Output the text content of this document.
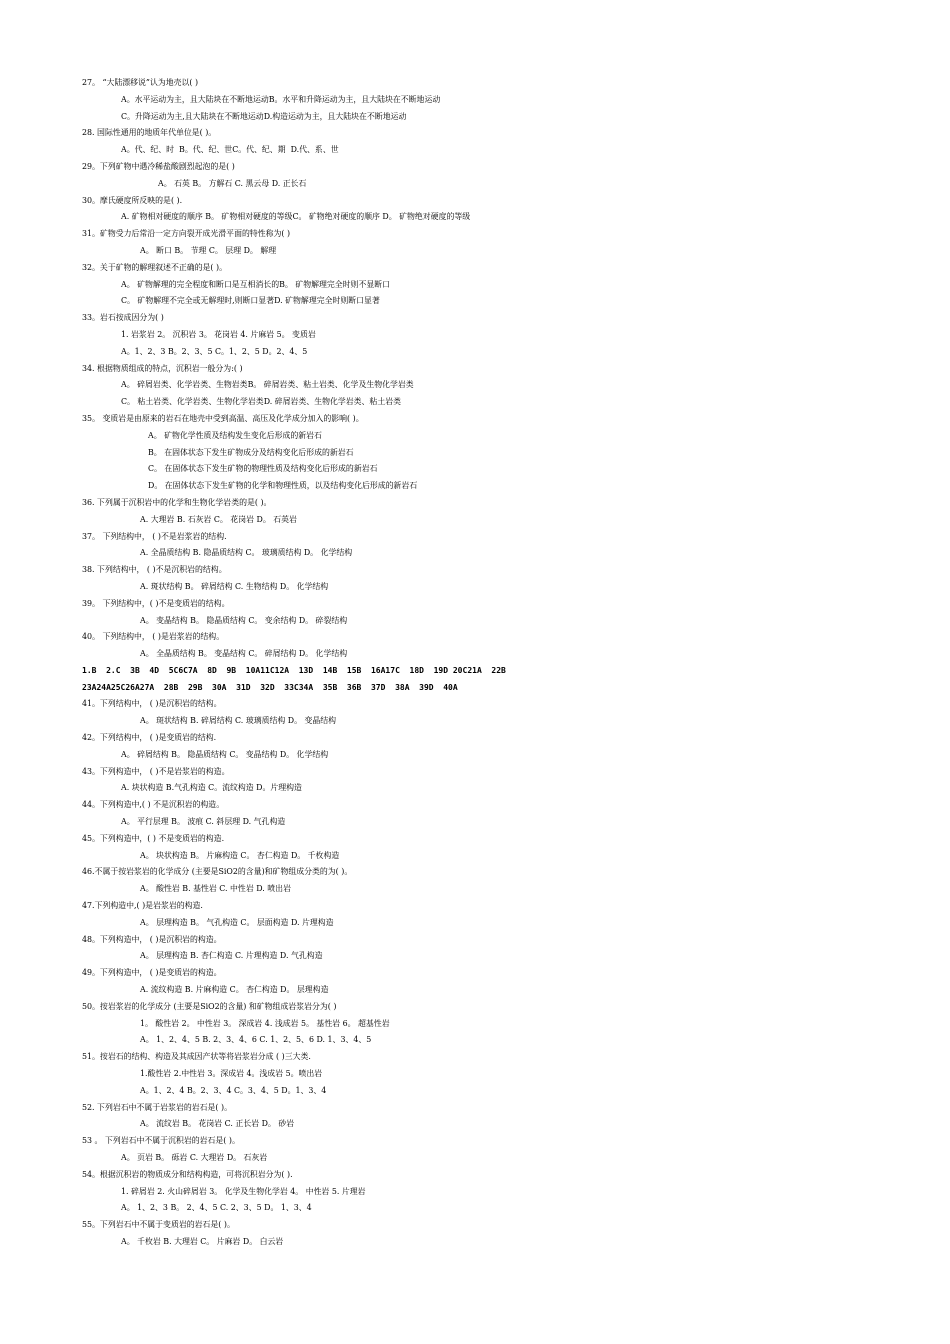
27。 “大陆漂移说”认为地壳以( )
A。水平运动为主，且大陆块在不断地运动B。水平和升降运动为主，且大陆块在不断地运动
C。升降运动为主,且大陆块在不断地运动D.构造运动为主，且大陆块在不断地运动
28. 国际性通用的地质年代单位是( )。
A。代、纪、时  B。代、纪、世C。代、纪、期  D.代、系、世
29。下列矿物中遇冷稀盐酸剧烈起泡的是( )
A。 石英 B。 方解石 C. 黑云母 D. 正长石
30。摩氏硬度所反映的是( ).
A. 矿物相对硬度的顺序 B。 矿物相对硬度的等级C。 矿物绝对硬度的顺序 D。 矿物绝对硬度的等级
31。矿物受力后常沿一定方向裂开成光滑平面的特性称为( )
A。 断口 B。 节理 C。 层理 D。 解理
32。关于矿物的解理叙述不正确的是( )。
A。 矿物解理的完全程度和断口是互相消长的B。 矿物解理完全时则不显断口
C。 矿物解理不完全或无解理时,则断口显著D. 矿物解理完全时则断口显著
33。岩石按成因分为( )
1. 岩浆岩 2。 沉积岩 3。 花岗岩 4. 片麻岩 5。 变质岩
A。1、2、3 B。2、3、5 C。1、2、5 D。2、4、5
34. 根据物质组成的特点，沉积岩一般分为:( )
A。 碎屑岩类、化学岩类、生物岩类B。 碎屑岩类、粘土岩类、化学及生物化学岩类
C。 粘土岩类、化学岩类、生物化学岩类D. 碎屑岩类、生物化学岩类、粘土岩类
35。 变质岩是由原来的岩石在地壳中受到高温、高压及化学成分加入的影响( )。
A。 矿物化学性质及结构发生变化后形成的新岩石
B。 在固体状态下发生矿物成分及结构变化后形成的新岩石
C。 在固体状态下发生矿物的物理性质及结构变化后形成的新岩石
D。 在固体状态下发生矿物的化学和物理性质，以及结构变化后形成的新岩石
36. 下列属于沉积岩中的化学和生物化学岩类的是( )。
A. 大理岩 B. 石灰岩 C。 花岗岩 D。 石英岩
37。 下列结构中， ( )不是岩浆岩的结构.
A. 全晶质结构 B. 隐晶质结构 C。 玻璃质结构 D。 化学结构
38. 下列结构中， ( )不是沉积岩的结构。
A. 斑状结构 B。 碎屑结构 C. 生物结构 D。 化学结构
39。 下列结构中，( )不是变质岩的结构。
A。 变晶结构 B。 隐晶质结构 C。 变余结构 D。 碎裂结构
40。 下列结构中， ( )是岩浆岩的结构。
A。 全晶质结构 B。 变晶结构 C。 碎屑结构 D。 化学结构
1.B  2.C  3B  4D  5C6C7A  8D  9B  10A11C12A  13D  14B  15B  16A17C  18D  19D 20C21A  22B
23A24A25C26A27A  28B  29B  30A  31D  32D  33C34A  35B  36B  37D  38A  39D  40A
41。下列结构中， ( )是沉积岩的结构。
A。 斑状结构 B. 碎屑结构 C. 玻璃质结构 D。 变晶结构
42。下列结构中， ( )是变质岩的结构.
A。 碎屑结构 B。 隐晶质结构 C。 变晶结构 D。 化学结构
43。下列构造中， ( )不是岩浆岩的构造。
A. 块状构造 B.气孔构造 C。流纹构造 D。片理构造
44。下列构造中,( ) 不是沉积岩的构造。
A。 平行层理 B。 波痕 C. 斜层理 D. 气孔构造
45。下列构造中，( ) 不是变质岩的构造.
A。 块状构造 B。 片麻构造 C。 杏仁构造 D。 千枚构造
46.不属于按岩浆岩的化学成分 (主要是SiO2的含量)和矿物组成分类的为( )。
A。 酸性岩 B. 基性岩 C. 中性岩 D. 喷出岩
47.下列构造中,( )是岩浆岩的构造.
A。 层理构造 B。 气孔构造 C。 层面构造 D. 片理构造
48。下列构造中， ( )是沉积岩的构造。
A。 层理构造 B. 杏仁构造 C. 片理构造 D. 气孔构造
49。下列构造中， ( )是变质岩的构造。
A. 流纹构造 B. 片麻构造 C。 杏仁构造 D。 层理构造
50。按岩浆岩的化学成分 (主要是SiO2的含量) 和矿物组成岩浆岩分为( )
1。 酸性岩 2。 中性岩 3。 深成岩 4. 浅成岩 5。 基性岩 6。 超基性岩
A。 1、2、4、5 B. 2、3、4、6 C. 1、2、5、6 D. 1、3、4、5
51。按岩石的结构、构造及其成因产状等将岩浆岩分成 ( )三大类.
1.酸性岩 2.中性岩 3。深成岩 4。浅成岩 5。喷出岩
A。1、2、4 B。2、3、4 C。3、4、5 D。1、3、4
52. 下列岩石中不属于岩浆岩的岩石是( )。
A。 流纹岩 B。 花岗岩 C. 正长岩 D。 砂岩
53 。 下列岩石中不属于沉积岩的岩石是( )。
A。 页岩 B。 砾岩 C. 大理岩 D。 石灰岩
54。根据沉积岩的物质成分和结构构造，可将沉积岩分为( ).
1. 碎屑岩 2. 火山碎屑岩 3。 化学及生物化学岩 4。 中性岩 5. 片理岩
A。 1、2、3 B。 2、4、5 C. 2、3、5 D。 1、3、4
55。下列岩石中不属于变质岩的岩石是( )。
A。 千枚岩 B. 大理岩 C。 片麻岩 D。 白云岩
